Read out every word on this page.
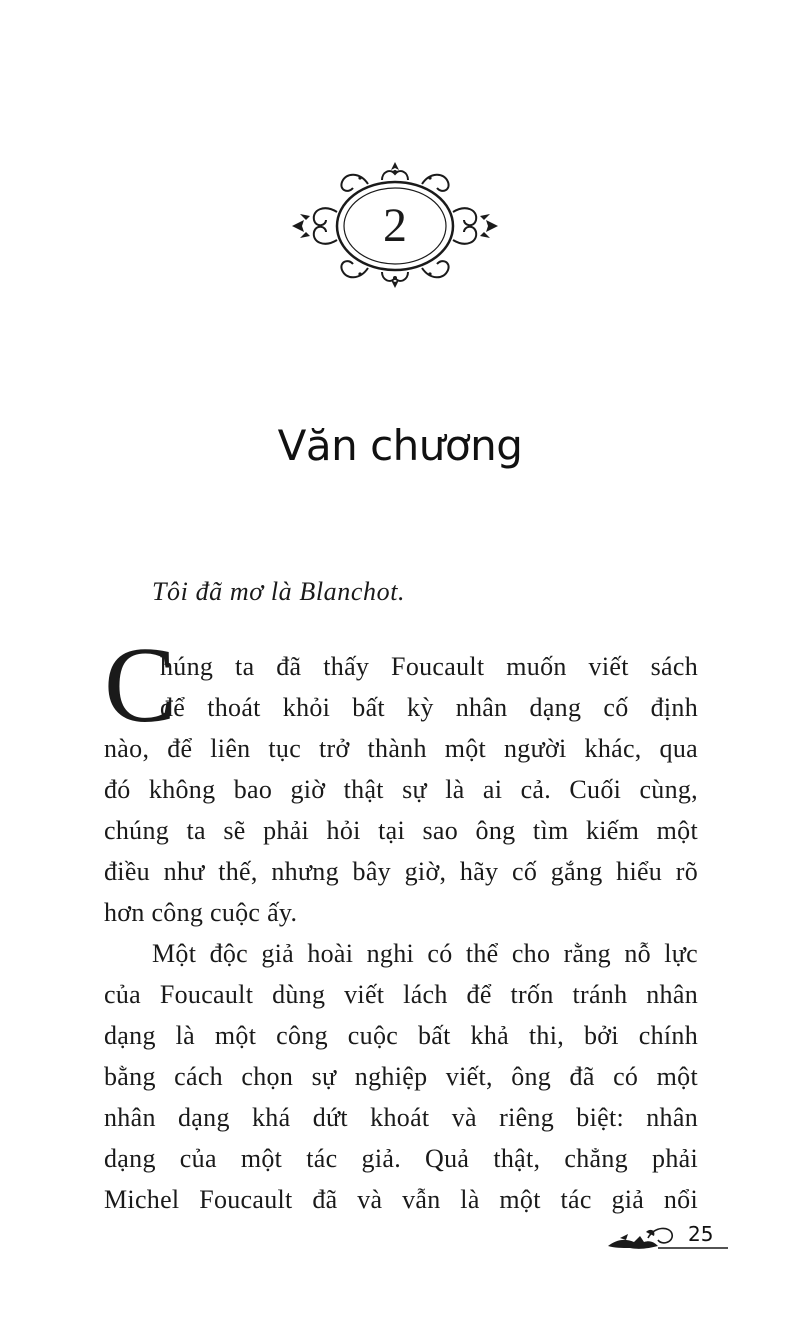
2
Văn chương
Tôi đã mơ là Blanchot.
C
húng ta đã thấy Foucault muốn viết sách
để thoát khỏi bất kỳ nhân dạng cố định
nào, để liên tục trở thành một người khác, qua
đó không bao giờ thật sự là ai cả. Cuối cùng,
chúng ta sẽ phải hỏi tại sao ông tìm kiếm một
điều như thế, nhưng bây giờ, hãy cố gắng hiểu rõ
hơn công cuộc ấy.
Một độc giả hoài nghi có thể cho rằng nỗ lực
của Foucault dùng viết lách để trốn tránh nhân
dạng là một công cuộc bất khả thi, bởi chính
bằng cách chọn sự nghiệp viết, ông đã có một
nhân dạng khá dứt khoát và riêng biệt: nhân
dạng của một tác giả. Quả thật, chẳng phải
Michel Foucault đã và vẫn là một tác giả nổi
25
